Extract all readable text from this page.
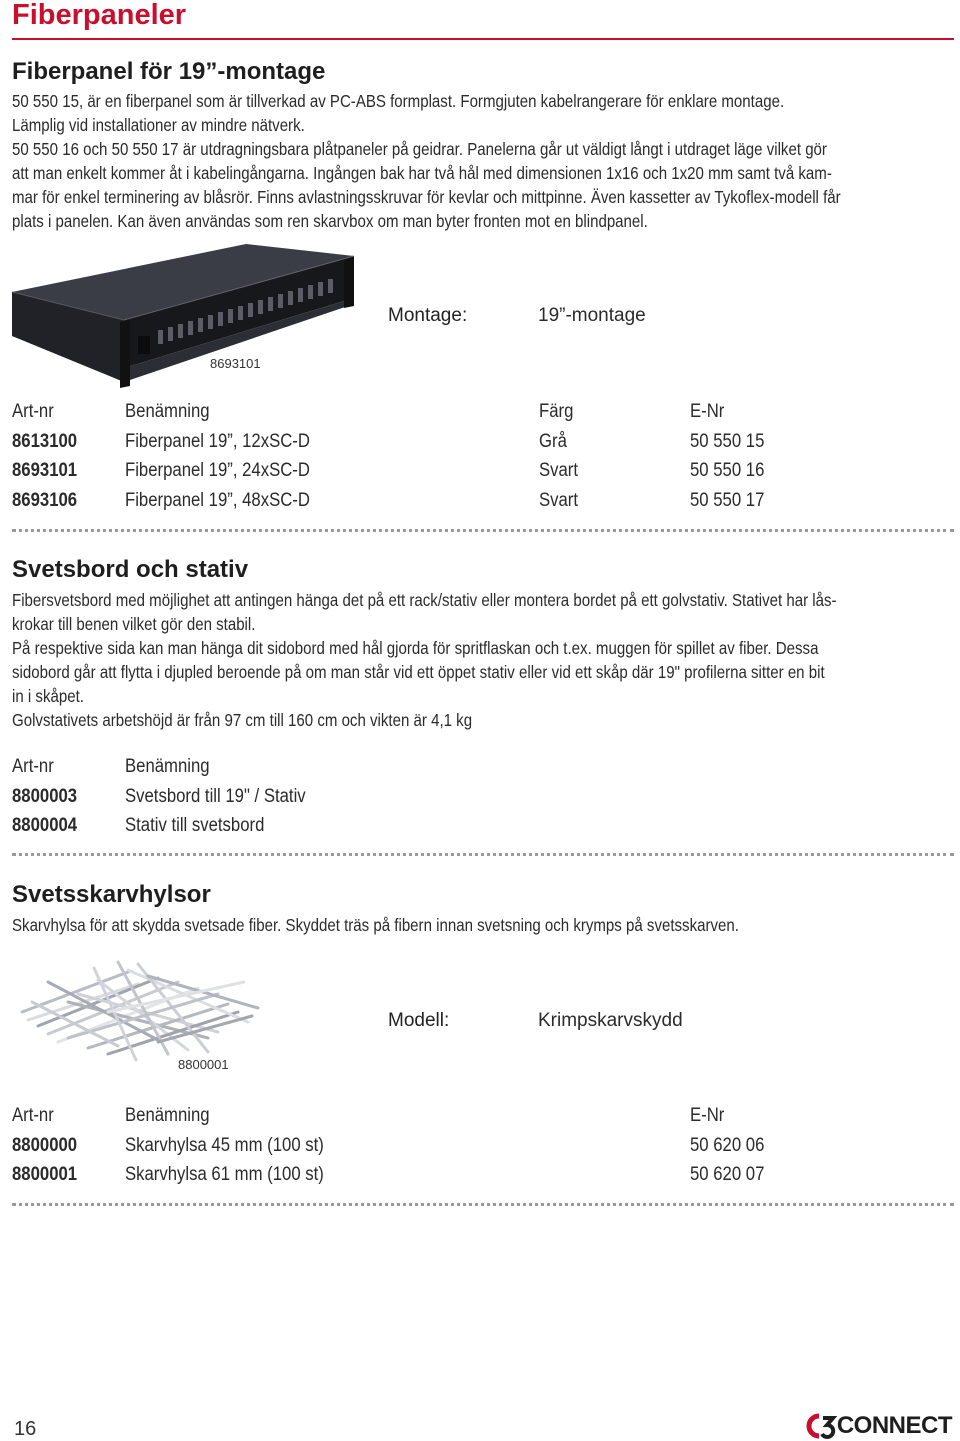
Fiberpaneler
Fiberpanel för 19”-montage
50 550 15, är en fiberpanel som är tillverkad av PC-ABS formplast. Formgjuten kabelrangerare för enklare montage.
Lämplig vid installationer av mindre nätverk.
50 550 16 och 50 550 17 är utdragningsbara plåtpaneler på geidrar. Panelerna går ut väldigt långt i utdraget läge vilket gör
att man enkelt kommer åt i kabelingångarna. Ingången bak har två hål med dimensionen 1x16 och 1x20 mm samt två kam-
mar för enkel terminering av blåsrör. Finns avlastningsskruvar för kevlar och mittpinne. Även kassetter av Tykoflex-modell får
plats i panelen. Kan även användas som ren skarvbox om man byter fronten mot en blindpanel.
8693101
Montage:	19”-montage
Art-nr	Benämning	Färg	E-Nr
8613100	Fiberpanel 19”, 12xSC-D	Grå	50 550 15
8693101	Fiberpanel 19”, 24xSC-D	Svart	50 550 16
8693106	Fiberpanel 19”, 48xSC-D	Svart	50 550 17
Svetsbord och stativ
Fibersvetsbord med möjlighet att antingen hänga det på ett rack/stativ eller montera bordet på ett golvstativ. Stativet har lås-
krokar till benen vilket gör den stabil.
På respektive sida kan man hänga dit sidobord med hål gjorda för spritflaskan och t.ex. muggen för spillet av fiber. Dessa
sidobord går att flytta i djupled beroende på om man står vid ett öppet stativ eller vid ett skåp där 19" profilerna sitter en bit
in i skåpet.
Golvstativets arbetshöjd är från 97 cm till 160 cm och vikten är 4,1 kg
Art-nr	Benämning
8800003	Svetsbord till 19" / Stativ
8800004	Stativ till svetsbord
Svetsskarvhylsor
Skarvhylsa för att skydda svetsade fiber. Skyddet träs på fibern innan svetsning och krymps på svetsskarven.
8800001
Modell:	Krimpskarvskydd
Art-nr	Benämning	E-Nr
8800000	Skarvhylsa 45 mm (100 st)	50 620 06
8800001	Skarvhylsa 61 mm (100 st)	50 620 07
16	CONNECT
